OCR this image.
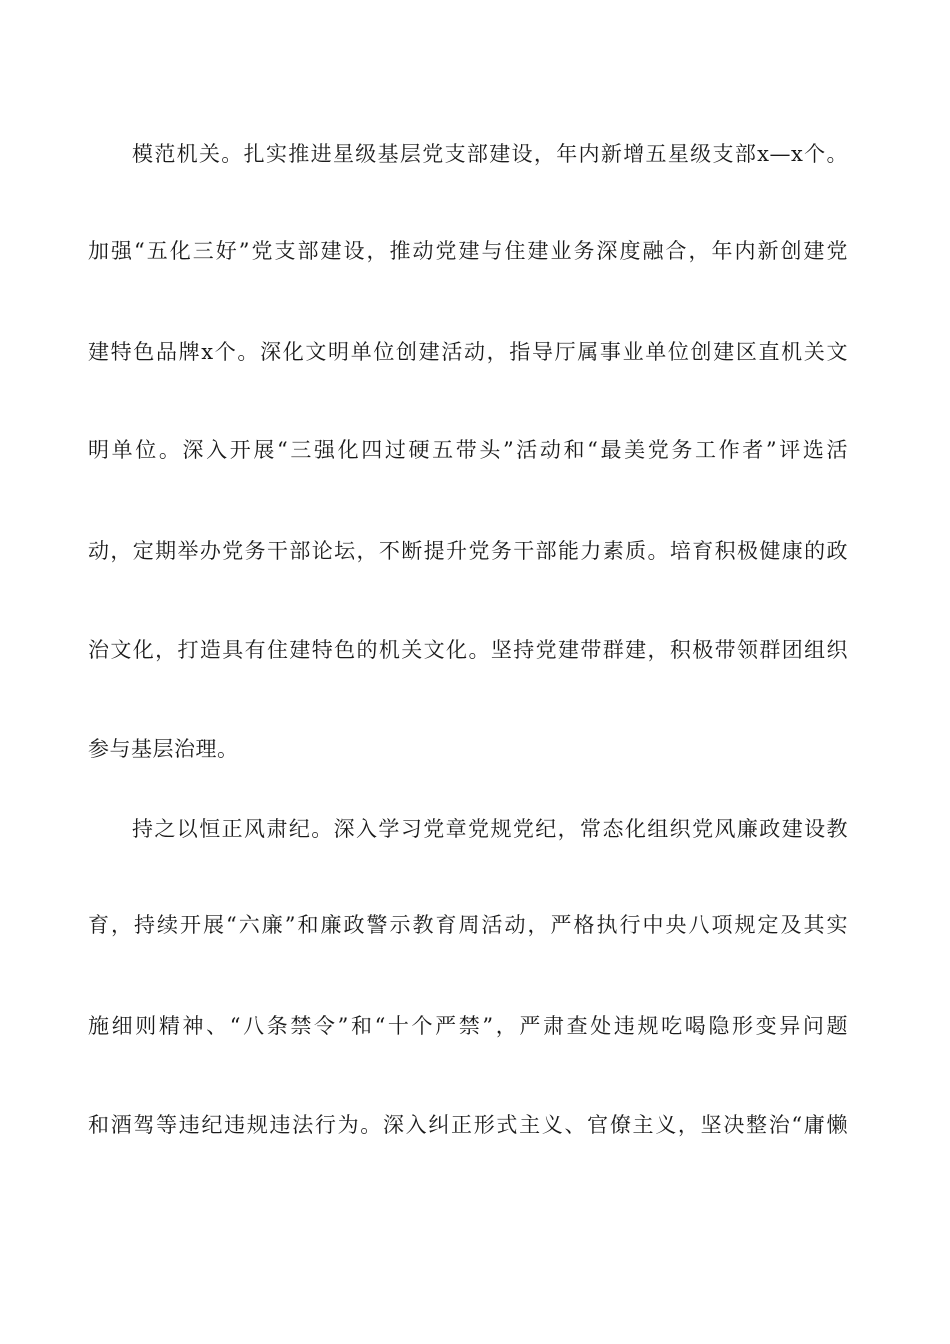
模范机关。扎实推进星级基层党支部建设，年内新增五星级支部x—x个。
加强“五化三好”党支部建设，推动党建与住建业务深度融合，年内新创建党
建特色品牌x个。深化文明单位创建活动，指导厅属事业单位创建区直机关文
明单位。深入开展“三强化四过硬五带头”活动和“最美党务工作者”评选活
动，定期举办党务干部论坛，不断提升党务干部能力素质。培育积极健康的政
治文化，打造具有住建特色的机关文化。坚持党建带群建，积极带领群团组织
参与基层治理。
持之以恒正风肃纪。深入学习党章党规党纪，常态化组织党风廉政建设教
育，持续开展“六廉”和廉政警示教育周活动，严格执行中央八项规定及其实
施细则精神、“八条禁令”和“十个严禁”，严肃查处违规吃喝隐形变异问题
和酒驾等违纪违规违法行为。深入纠正形式主义、官僚主义，坚决整治“庸懒
